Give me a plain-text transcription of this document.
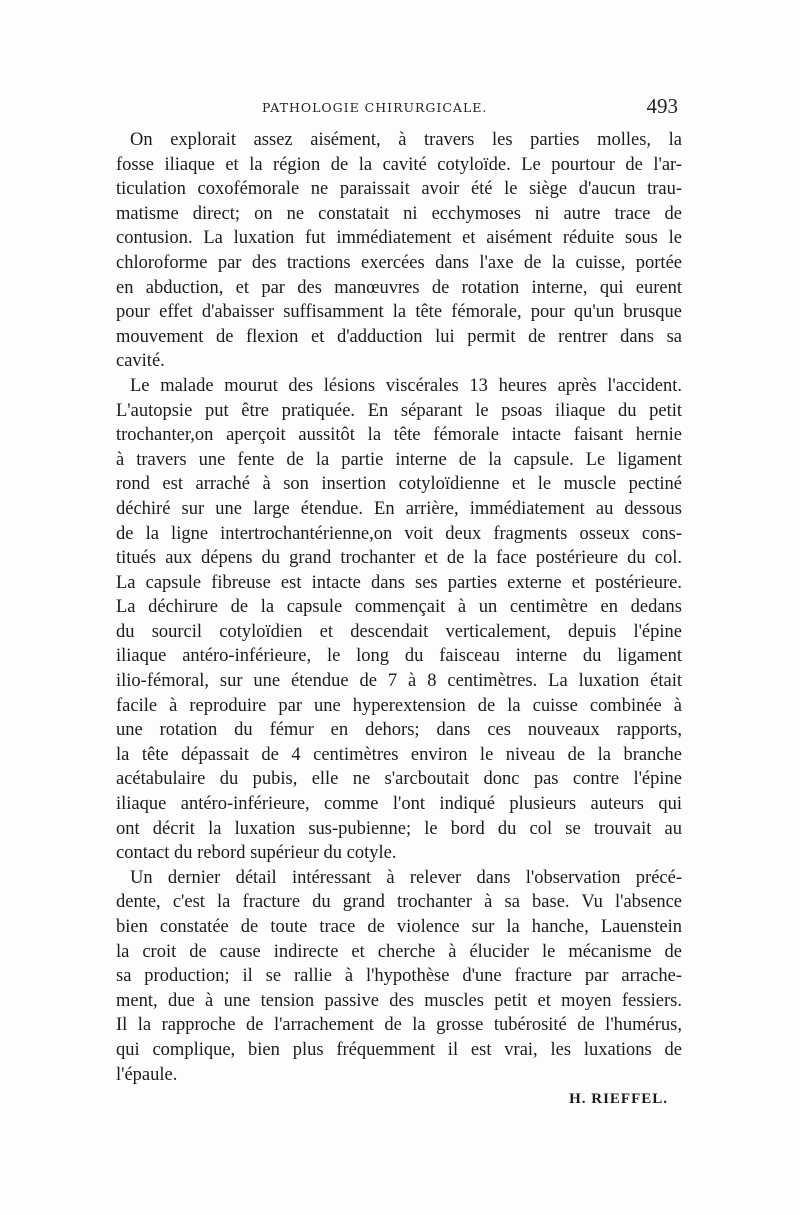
PATHOLOGIE CHIRURGICALE.	493

On explorait assez aisément, à travers les parties molles, la
fosse iliaque et la région de la cavité cotyloïde. Le pourtour de l'ar-
ticulation coxofémorale ne paraissait avoir été le siège d'aucun trau-
matisme direct; on ne constatait ni ecchymoses ni autre trace de
contusion. La luxation fut immédiatement et aisément réduite sous le
chloroforme par des tractions exercées dans l'axe de la cuisse, portée
en abduction, et par des manœuvres de rotation interne, qui eurent
pour effet d'abaisser suffisamment la tête fémorale, pour qu'un brusque
mouvement de flexion et d'adduction lui permit de rentrer dans sa
cavité.
Le malade mourut des lésions viscérales 13 heures après l'accident.
L'autopsie put être pratiquée. En séparant le psoas iliaque du petit
trochanter,on aperçoit aussitôt la tête fémorale intacte faisant hernie
à travers une fente de la partie interne de la capsule. Le ligament
rond est arraché à son insertion cotyloïdienne et le muscle pectiné
déchiré sur une large étendue. En arrière, immédiatement au dessous
de la ligne intertrochantérienne,on voit deux fragments osseux cons-
titués aux dépens du grand trochanter et de la face postérieure du col.
La capsule fibreuse est intacte dans ses parties externe et postérieure.
La déchirure de la capsule commençait à un centimètre en dedans
du sourcil cotyloïdien et descendait verticalement, depuis l'épine
iliaque antéro-inférieure, le long du faisceau interne du ligament
ilio-fémoral, sur une étendue de 7 à 8 centimètres. La luxation était
facile à reproduire par une hyperextension de la cuisse combinée à
une rotation du fémur en dehors; dans ces nouveaux rapports,
la tête dépassait de 4 centimètres environ le niveau de la branche
acétabulaire du pubis, elle ne s'arcboutait donc pas contre l'épine
iliaque antéro-inférieure, comme l'ont indiqué plusieurs auteurs qui
ont décrit la luxation sus-pubienne; le bord du col se trouvait au
contact du rebord supérieur du cotyle.
Un dernier détail intéressant à relever dans l'observation précé-
dente, c'est la fracture du grand trochanter à sa base. Vu l'absence
bien constatée de toute trace de violence sur la hanche, Lauenstein
la croit de cause indirecte et cherche à élucider le mécanisme de
sa production; il se rallie à l'hypothèse d'une fracture par arrache-
ment, due à une tension passive des muscles petit et moyen fessiers.
Il la rapproche de l'arrachement de la grosse tubérosité de l'humérus,
qui complique, bien plus fréquemment il est vrai, les luxations de
l'épaule.
H. RIEFFEL.
